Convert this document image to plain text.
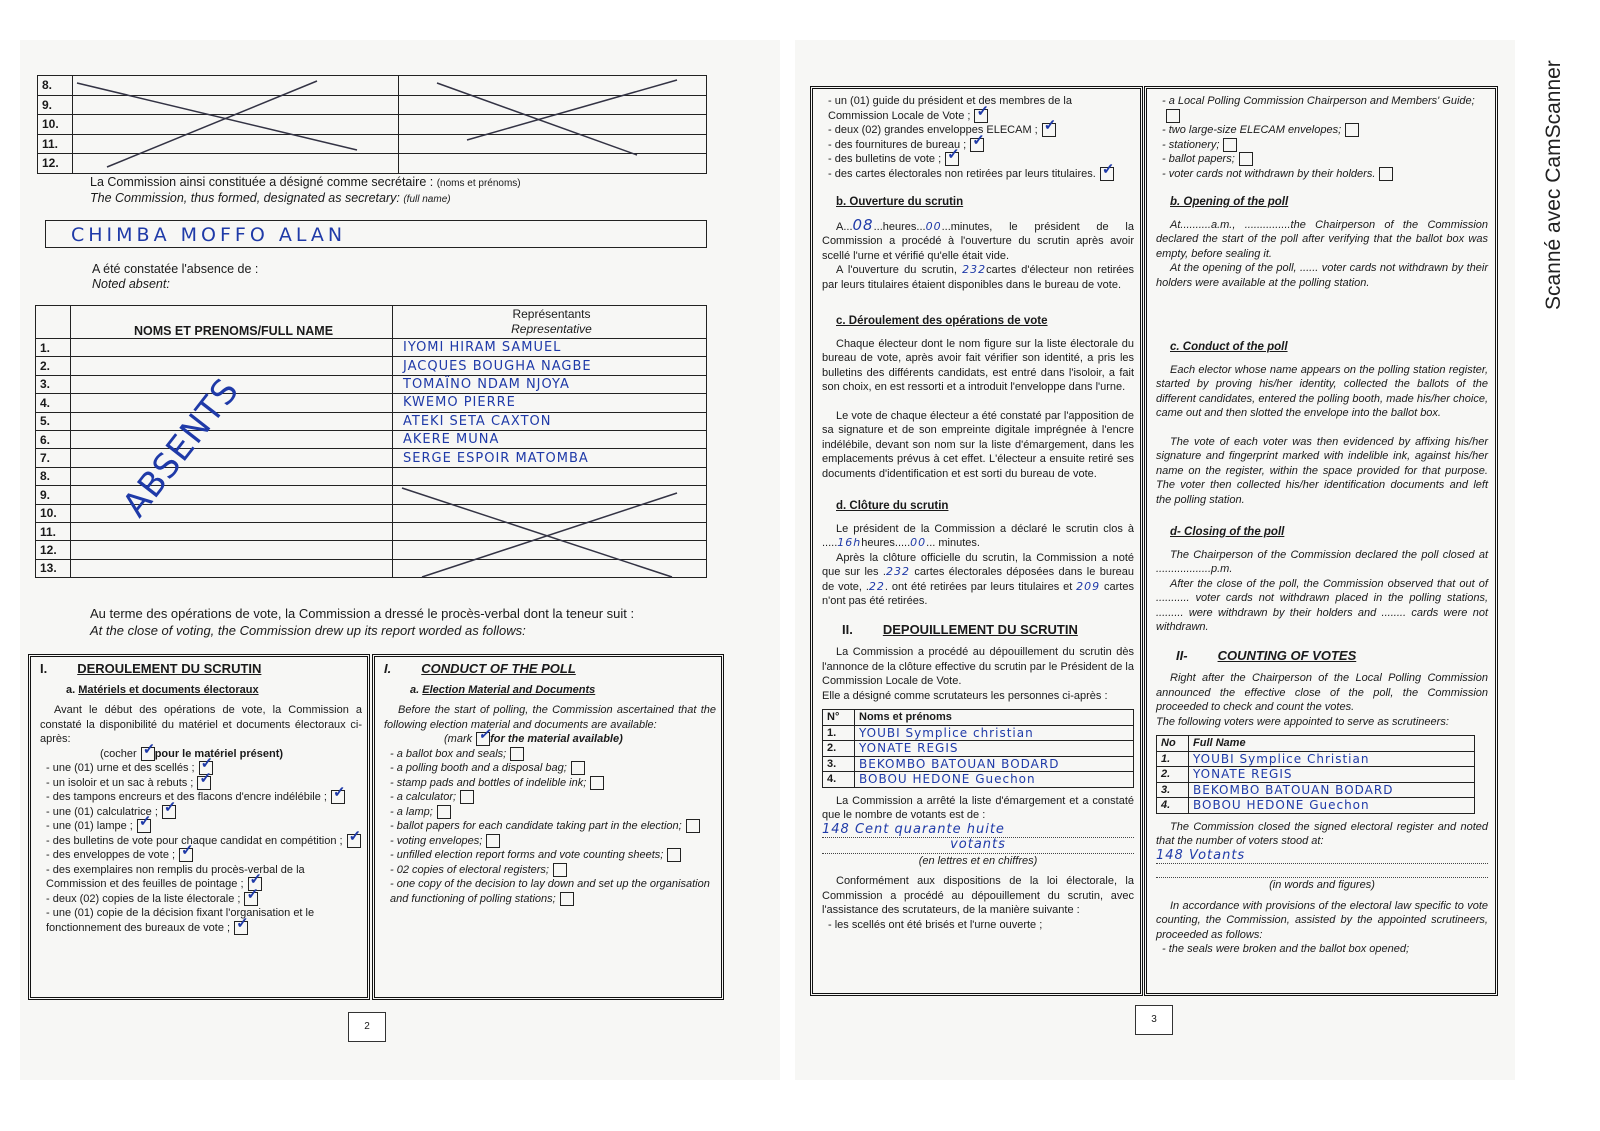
8.		
9.		
10.		
11.		
12.		
La Commission ainsi constituée a désigné comme secrétaire : (noms et prénoms)
The Commission, thus formed, designated as secretary: (full name)
CHIMBA MOFFO ALAN
A été constatée l'absence de :
Noted absent:
	NOMS ET PRENOMS/FULL NAME	Représentants
Representative

1.		IYOMI HIRAM SAMUEL
2.		JACQUES BOUGHA NAGBE
3.		TOMAÏNO NDAM NJOYA
4.		KWEMO PIERRE
5.		ATEKI SETA CAXTON
6.		AKERE MUNA
7.		SERGE ESPOIR MATOMBA
8.		
9.		
10.		
11.		
12.		
13.		
ABSENTS
Au terme des opérations de vote, la Commission a dressé le procès-verbal dont la teneur suit :
At the close of voting, the Commission drew up its report worded as follows:
I. DEROULEMENT DU SCRUTIN
a. Matériels et documents électoraux
Avant le début des opérations de vote, la Commission a constaté la disponibilité du matériel et documents électoraux ci-après:
(cocher ✓ pour le matériel présent)
- une (01) urne et des scellés ;✓
- un isoloir et un sac à rebuts ;✓
- des tampons encreurs et des flacons d'encre indélébile ;✓
- une (01) calculatrice ;✓
- une (01) lampe ;✓
- des bulletins de vote pour chaque candidat en compétition ;✓
- des enveloppes de vote ;✓
- des exemplaires non remplis du procès-verbal de la Commission et des feuilles de pointage ;✓
- deux (02) copies de la liste électorale ;✓
- une (01) copie de la décision fixant l'organisation et le fonctionnement des bureaux de vote ;✓
I. CONDUCT OF THE POLL
a. Election Material and Documents
Before the start of polling, the Commission ascertained that the following election material and documents are available:
(mark ✓ for the material available)
- a ballot box and seals;
- a polling booth and a disposal bag;
- stamp pads and bottles of indelible ink;
- a calculator;
- a lamp;
- ballot papers for each candidate taking part in the election;
- voting envelopes;
- unfilled election report forms and vote counting sheets;
- 02 copies of electoral registers;
- one copy of the decision to lay down and set up the organisation and functioning of polling stations;
2
- un (01) guide du président et des membres de la Commission Locale de Vote ;✓
- deux (02) grandes enveloppes ELECAM ;✓
- des fournitures de bureau ;✓
- des bulletins de vote ;✓
- des cartes électorales non retirées par leurs titulaires.✓
b. Ouverture du scrutin
A...08...heures...00...minutes, le président de la Commission a procédé à l'ouverture du scrutin après avoir scellé l'urne et vérifié qu'elle était vide.
A l'ouverture du scrutin, 232cartes d'électeur non retirées par leurs titulaires étaient disponibles dans le bureau de vote.
c. Déroulement des opérations de vote
Chaque électeur dont le nom figure sur la liste électorale du bureau de vote, après avoir fait vérifier son identité, a pris les bulletins des différents candidats, est entré dans l'isoloir, a fait son choix, en est ressorti et a introduit l'enveloppe dans l'urne.
Le vote de chaque électeur a été constaté par l'apposition de sa signature et de son empreinte digitale imprégnée à l'encre indélébile, devant son nom sur la liste d'émargement, dans les emplacements prévus à cet effet. L'électeur a ensuite retiré ses documents d'identification et est sorti du bureau de vote.
d. Clôture du scrutin
Le président de la Commission a déclaré le scrutin clos à .....16hheures.....00... minutes.
Après la clôture officielle du scrutin, la Commission a noté que sur les .232 cartes électorales déposées dans le bureau de vote, .22. ont été retirées par leurs titulaires et 209 cartes n'ont pas été retirées.
II. DEPOUILLEMENT DU SCRUTIN
La Commission a procédé au dépouillement du scrutin dès l'annonce de la clôture effective du scrutin par le Président de la Commission Locale de Vote.
Elle a désigné comme scrutateurs les personnes ci-après :
N°	Noms et prénoms
1.	YOUBI Symplice christian
2.	YONATE REGIS
3.	BEKOMBO BATOUAN BODARD
4.	BOBOU HEDONE Guechon
La Commission a arrêté la liste d'émargement et a constaté que le nombre de votants est de :
148 Cent quarante huite
votants
(en lettres et en chiffres)
Conformément aux dispositions de la loi électorale, la Commission a procédé au dépouillement du scrutin, avec l'assistance des scrutateurs, de la manière suivante :
- les scellés ont été brisés et l'urne ouverte ;
- a Local Polling Commission Chairperson and Members' Guide;
- two large-size ELECAM envelopes;
- stationery;
- ballot papers;
- voter cards not withdrawn by their holders.
b. Opening of the poll
At..........a.m., ...............the Chairperson of the Commission declared the start of the poll after verifying that the ballot box was empty, before sealing it.
At the opening of the poll, ...... voter cards not withdrawn by their holders were available at the polling station.
c. Conduct of the poll
Each elector whose name appears on the polling station register, started by proving his/her identity, collected the ballots of the different candidates, entered the polling booth, made his/her choice, came out and then slotted the envelope into the ballot box.
The vote of each voter was then evidenced by affixing his/her signature and fingerprint marked with indelible ink, against his/her name on the register, within the space provided for that purpose. The voter then collected his/her identification documents and left the polling station.
d- Closing of the poll
The Chairperson of the Commission declared the poll closed at ..................p.m.
After the close of the poll, the Commission observed that out of ........... voter cards not withdrawn placed in the polling stations, ......... were withdrawn by their holders and ........ cards were not withdrawn.
II- COUNTING OF VOTES
Right after the Chairperson of the Local Polling Commission announced the effective close of the poll, the Commission proceeded to check and count the votes.
The following voters were appointed to serve as scrutineers:
No	Full Name
1.	YOUBI Symplice Christian
2.	YONATE REGIS
3.	BEKOMBO BATOUAN BODARD
4.	BOBOU HEDONE Guechon
The Commission closed the signed electoral register and noted that the number of voters stood at:
148 Votants
(in words and figures)
In accordance with provisions of the electoral law specific to vote counting, the Commission, assisted by the appointed scrutineers, proceeded as follows:
- the seals were broken and the ballot box opened;
3
Scanné avec CamScanner
